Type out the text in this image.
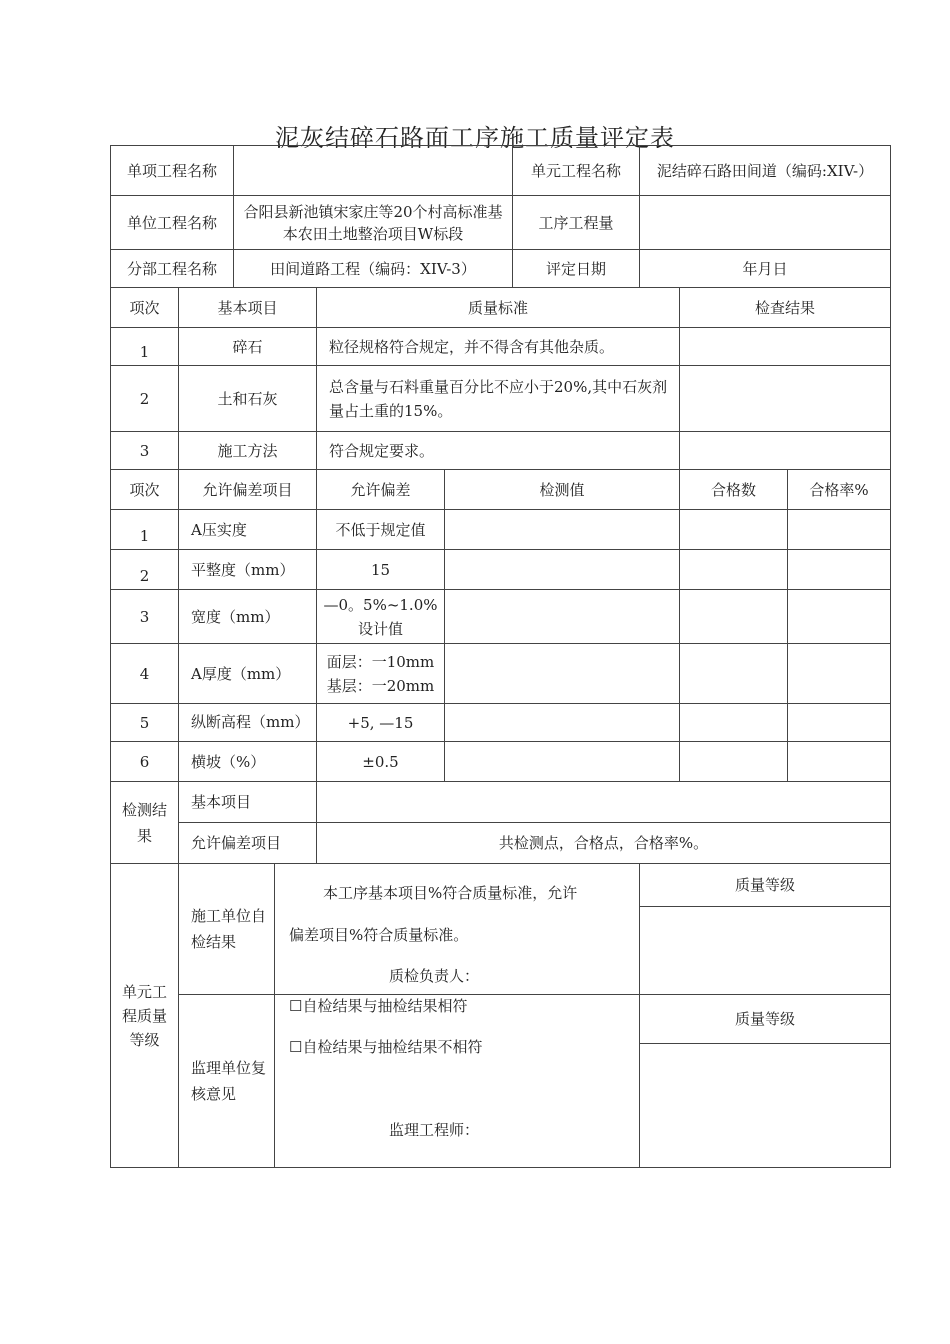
泥灰结碎石路面工序施工质量评定表
单项工程名称						单元工程名称	泥结碎石路田间道（编码:XIV-）		
单位工程名称		合阳县新池镇宋家庄等20个村高标准基本农田土地整治项目W标段				工序工程量			
分部工程名称		田间道路工程（编码：XIV-3）				评定日期	年月日		
项次	基本项目			质量标准				检查结果	
1	碎石			粒径规格符合规定，并不得含有其他杂质。					
2	土和石灰			总含量与石料重量百分比不应小于20%,其中石灰剂量占土重的15%。					
3	施工方法			符合规定要求。					
项次	允许偏差项目			允许偏差	检测值			合格数	合格率%
1	A压实度			不低于规定值					
2	平整度（mm）			15					
3	宽度（mm）			—0。5%~1.0%设计值					
4	A厚度（mm）			面层：一10mm
基层：一20mm					

5	纵断高程（mm）			+5, —15					
6	横坡（%）			±0.5					
检测结果	基本项目								
	允许偏差项目			共检测点，合格点，合格率%。					
单元工程质量等级	施工单位自检结果		本工序基本项目%符合质量标准，允许
偏差项目%符合质量标准。
质检负责人：				质量等级		

	监理单位复核意见		☐自检结果与抽检结果相符
☐自检结果与抽检结果不相符
监理工程师：				质量等级		
